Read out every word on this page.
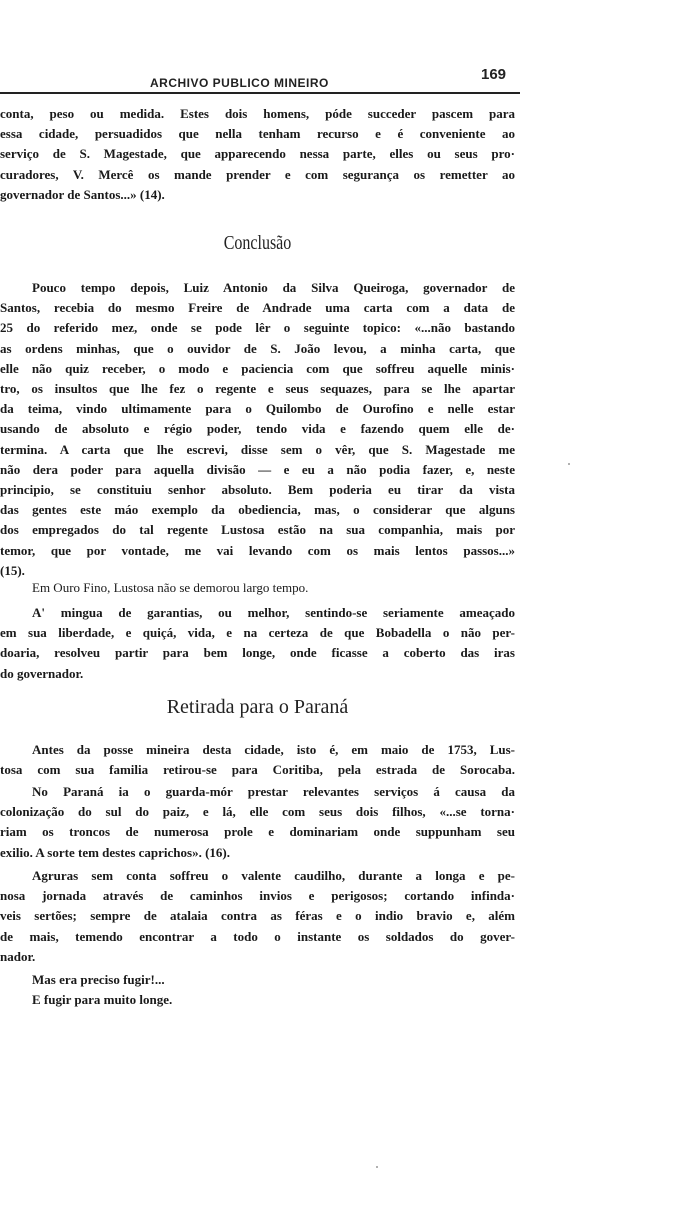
ARCHIVO PUBLICO MINEIRO	169
conta, peso ou medida. Estes dois homens, póde succeder pascem para
essa cidade, persuadidos que nella tenham recurso e é conveniente ao
serviço de S. Magestade, que apparecendo nessa parte, elles ou seus pro·
curadores, V. Mercê os mande prender e com segurança os remetter ao
governador de Santos...» (14).
Conclusão
Pouco tempo depois, Luiz Antonio da Silva Queiroga, governador de
Santos, recebia do mesmo Freire de Andrade uma carta com a data de
25 do referido mez, onde se pode lêr o seguinte topico: «...não bastando
as ordens minhas, que o ouvidor de S. João levou, a minha carta, que
elle não quiz receber, o modo e paciencia com que soffreu aquelle minis·
tro, os insultos que lhe fez o regente e seus sequazes, para se lhe apartar
da teima, vindo ultimamente para o Quilombo de Ourofino e nelle estar
usando de absoluto e régio poder, tendo vida e fazendo quem elle de·
termina. A carta que lhe escrevi, disse sem o vêr, que S. Magestade me
não dera poder para aquella divisão — e eu a não podia fazer, e, neste
principio, se constituiu senhor absoluto. Bem poderia eu tirar da vista
das gentes este máo exemplo da obediencia, mas, o considerar que alguns
dos empregados do tal regente Lustosa estão na sua companhia, mais por
temor, que por vontade, me vai levando com os mais lentos passos...»
(15).
Em Ouro Fino, Lustosa não se demorou largo tempo.
A' mingua de garantias, ou melhor, sentindo-se seriamente ameaçado
em sua liberdade, e quiçá, vida, e na certeza de que Bobadella o não per-
doaria, resolveu partir para bem longe, onde ficasse a coberto das iras
do governador.
Retirada para o Paraná
Antes da posse mineira desta cidade, isto é, em maio de 1753, Lus-
tosa com sua familia retirou-se para Coritiba, pela estrada de Sorocaba.
No Paraná ia o guarda-mór prestar relevantes serviços á causa da
colonização do sul do paiz, e lá, elle com seus dois filhos, «...se torna·
riam os troncos de numerosa prole e dominariam onde suppunham seu
exilio. A sorte tem destes caprichos». (16).
Agruras sem conta soffreu o valente caudilho, durante a longa e pe-
nosa jornada através de caminhos invios e perigosos; cortando infinda·
veis sertões; sempre de atalaia contra as féras e o indio bravio e, além
de mais, temendo encontrar a todo o instante os soldados do gover-
nador.
Mas era preciso fugir!...
E fugir para muito longe.
